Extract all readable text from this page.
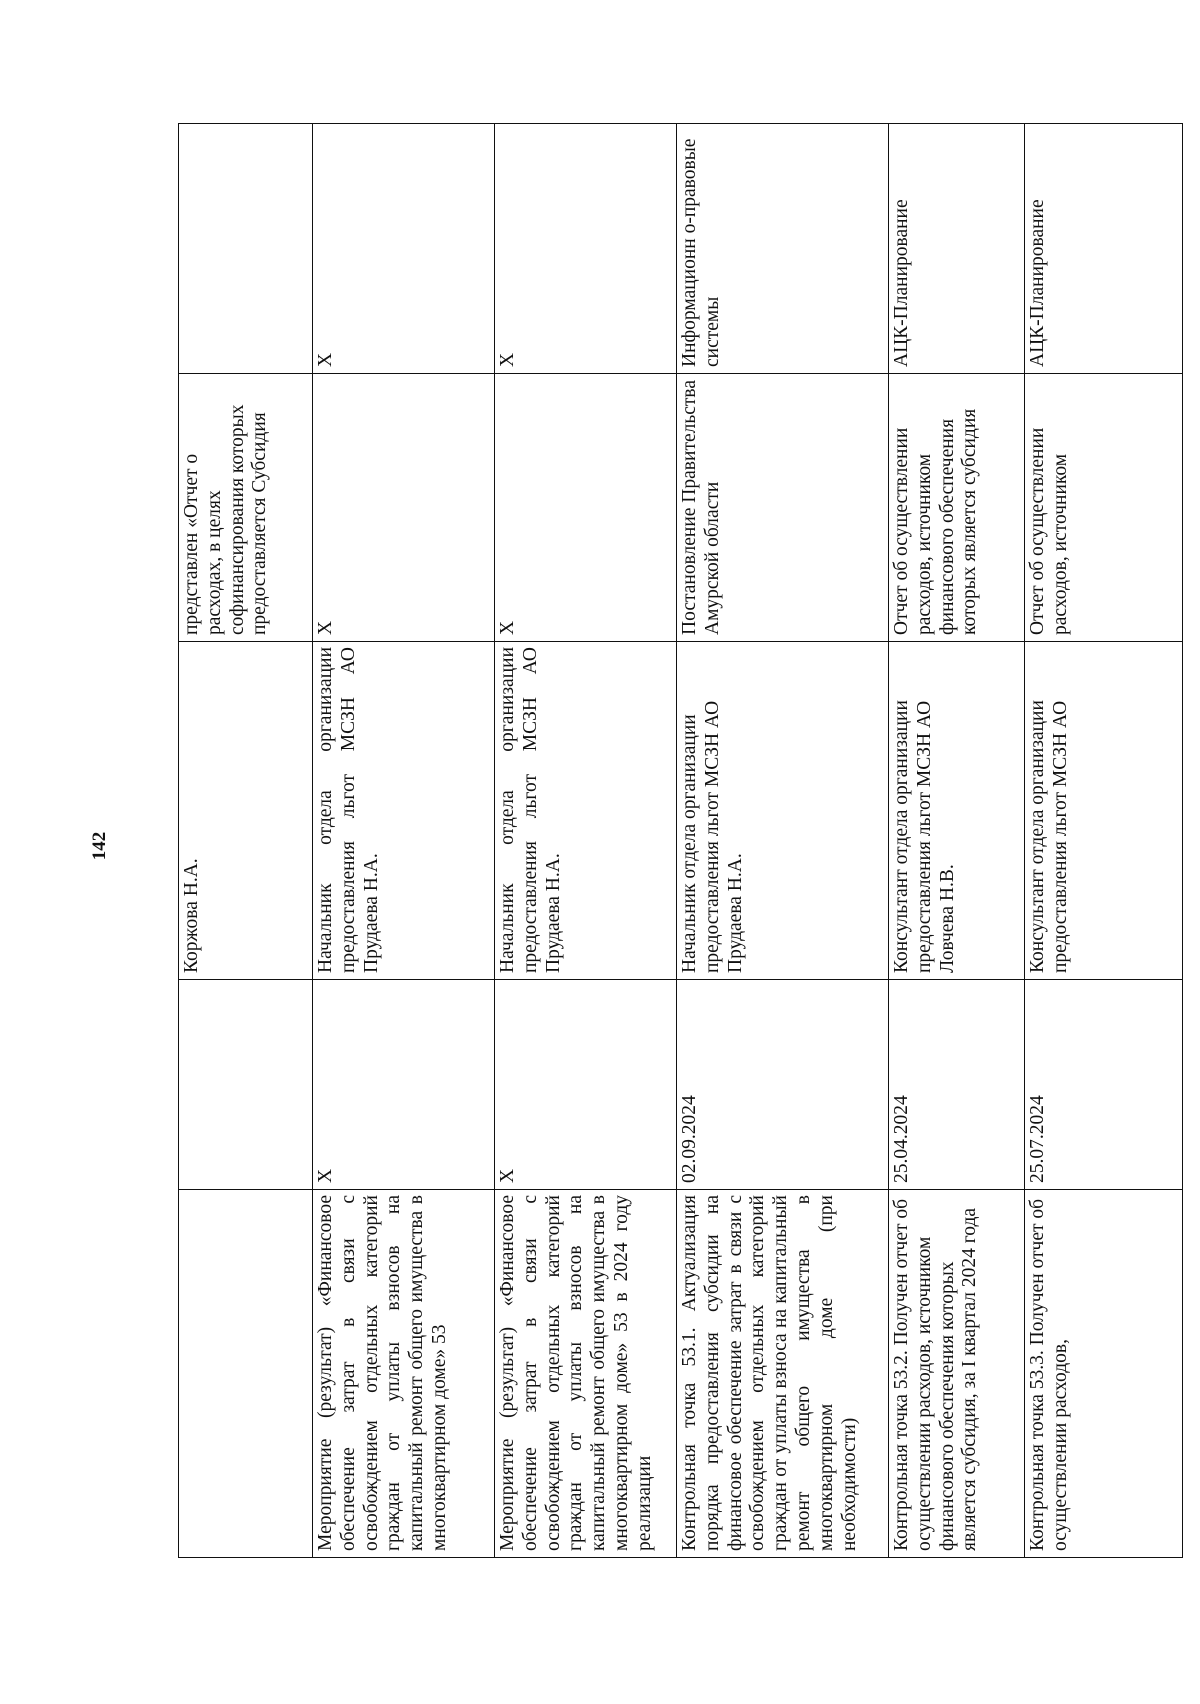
142
		Коржова Н.А.	представлен «Отчет о расходах, в целях софинансирования которых предоставляется Субсидия	
Мероприятие (результат) «Финансовое обеспечение затрат в связи с освобождением отдельных категорий граждан от уплаты взносов на капитальный ремонт общего имущества в многоквартирном доме» 53	X	Начальник отдела организации предоставления льгот МСЗН АО Прудаева Н.А.	X	X
Мероприятие (результат) «Финансовое обеспечение затрат в связи с освобождением отдельных категорий граждан от уплаты взносов на капитальный ремонт общего имущества в многоквартирном доме» 53 в 2024 году реализации	X	Начальник отдела организации предоставления льгот МСЗН АО Прудаева Н.А.	X	X
Контрольная точка 53.1. Актуализация порядка предоставления субсидии на финансовое обеспечение затрат в связи с освобождением отдельных категорий граждан от уплаты взноса на капитальный ремонт общего имущества в многоквартирном доме (при необходимости)	02.09.2024	Начальник отдела организации предоставления льгот МСЗН АО Прудаева Н.А.	Постановление Правительства Амурской области	Информационн о-правовые системы
Контрольная точка 53.2. Получен отчет об осуществлении расходов, источником финансового обеспечения которых является субсидия, за I квартал 2024 года	25.04.2024	Консультант отдела организации предоставления льгот МСЗН АО Ловчева Н.В.	Отчет об осуществлении расходов, источником финансового обеспечения которых является субсидия	АЦК-Планирование
Контрольная точка 53.3. Получен отчет об осуществлении расходов,	25.07.2024	Консультант отдела организации предоставления льгот МСЗН АО	Отчет об осуществлении расходов, источником	АЦК-Планирование
